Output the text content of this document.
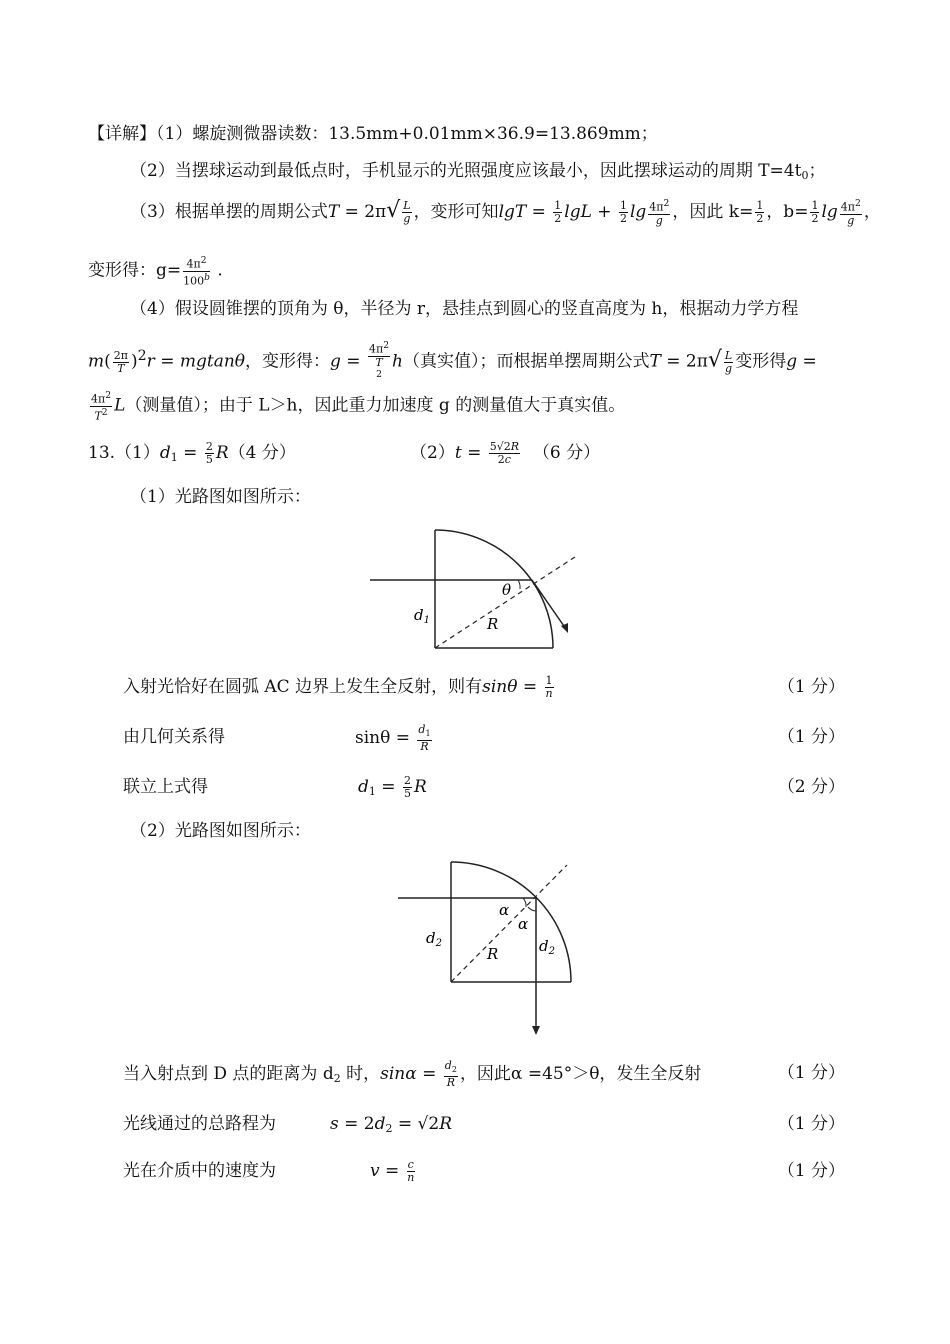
【详解】（1）螺旋测微器读数：13.5mm+0.01mm×36.9=13.869mm；
（2）当摆球运动到最低点时，手机显示的光照强度应该最小，因此摆球运动的周期 $T=4t_0$；
（3）根据单摆的周期公式$T = 2\pi√ \frac{L}{g}$ ，变形可知$\lg T = \frac{1}{2}$ $\lg L + \frac{1}{2}$ $\lg \frac{4\pi^2}{g}$ ，因此 $k= \frac{1}{2}$ ，$b= \frac{1}{2}$ $\lg \frac{4\pi^2}{g}$ ，
变形得：$g= \frac{4\pi^2}{100^b}$ .
（4）假设圆锥摆的顶角为 θ，半径为 r，悬挂点到圆心的竖直高度为 h，根据动力学方程
$m( \frac{2\pi}{T} )^2r = mgtan\theta$，变形得：g =
$4\pi^2$
T
$^2$h（真实值）；而根据单摆周期公式$T = 2\pi√ \frac{L}{g}$ 变形得g =
$\frac{4\pi^2}{T^2} L$（测量值）；由于 L＞h，因此重力加速度 g 的测量值大于真实值。
$13.(1)d_1 = \frac{2}{5} R(4$ 分）	$(2)t = \frac{5√2R}{2c} (6$ 分）
（1）光路图如图所示：
θ
$d_1$	R
入射光恰好在圆弧 AC 边界上发生全反射，则有$\sin\theta = \frac{1}{n}$	（1 分）
由几何关系得	$\sin\theta = \frac{d_1}{R}$	（1 分）
联立上式得	$d_1 = \frac{2}{5}$ R	（2 分）
（2）光路图如图所示：
α
α
$d_2$
R	$d_2$
当入射点到 D 点的距离为 $d_2$ 时，$\sin\alpha = \frac{d_2}{R}$ ，因此α =45°＞θ，发生全反射	（1 分）
光线通过的总路程为	$s = 2d_2 = √2R$	（1 分）
光在介质中的速度为	$v = \frac{c}{n}$	（1 分）
